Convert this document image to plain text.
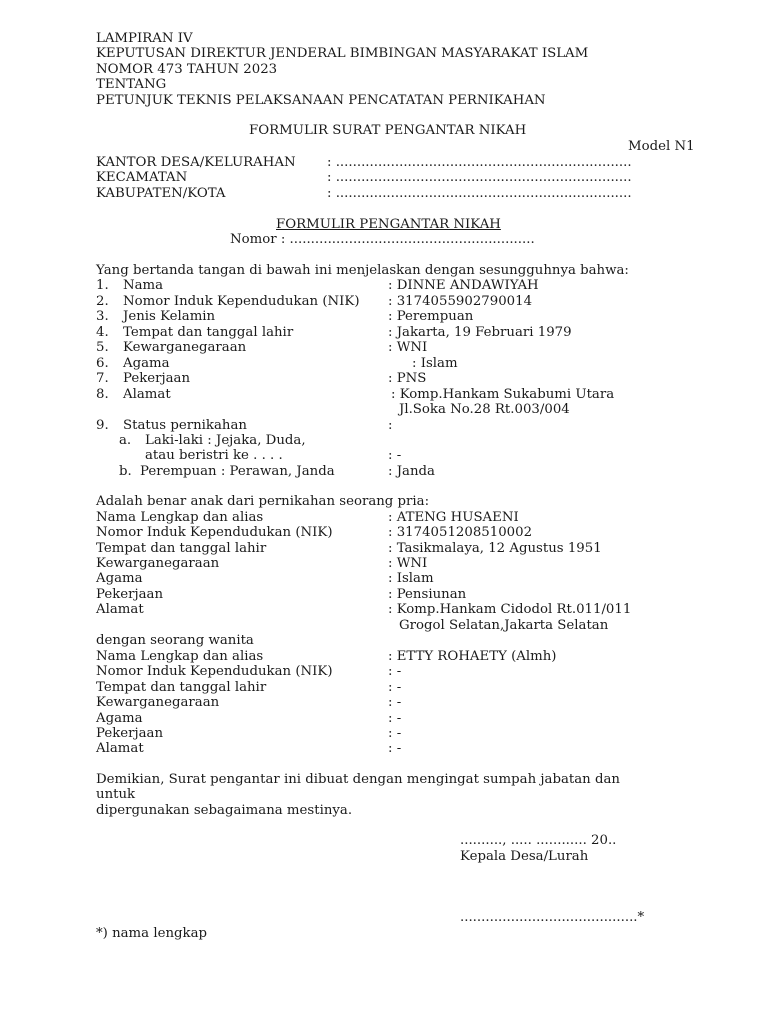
LAMPIRAN IV
KEPUTUSAN DIREKTUR JENDERAL BIMBINGAN MASYARAKAT ISLAM
NOMOR 473 TAHUN 2023
TENTANG
PETUNJUK TEKNIS PELAKSANAAN PENCATATAN PERNIKAHAN
FORMULIR SURAT PENGANTAR NIKAH
Model N1
KANTOR DESA/KELURAHAN : ......................................................................
KECAMATAN	: ......................................................................
KABUPATEN/KOTA	: ......................................................................
FORMULIR PENGANTAR NIKAH
Nomor : ..........................................................
Yang bertanda tangan di bawah ini menjelaskan dengan sesungguhnya bahwa:
1. Nama	: DINNE ANDAWIYAH
2. Nomor Induk Kependudukan (NIK) : 3174055902790014
3. Jenis Kelamin	: Perempuan
4. Tempat dan tanggal lahir	: Jakarta, 19 Februari 1979
5. Kewarganegaraan	: WNI
6. Agama	: Islam
7. Pekerjaan	: PNS
8. Alamat	: Komp.Hankam Sukabumi Utara
Jl.Soka No.28 Rt.003/004
9. Status pernikahan	:
a. Laki-laki : Jejaka, Duda,
atau beristri ke . . . .	: -
b. Perempuan : Perawan, Janda	: Janda
Adalah benar anak dari pernikahan seorang pria:
Nama Lengkap dan alias	: ATENG HUSAENI
Nomor Induk Kependudukan (NIK)	: 3174051208510002
Tempat dan tanggal lahir	: Tasikmalaya, 12 Agustus 1951
Kewarganegaraan	: WNI
Agama	: Islam
Pekerjaan	: Pensiunan
Alamat	: Komp.Hankam Cidodol Rt.011/011
Grogol Selatan,Jakarta Selatan
dengan seorang wanita
Nama Lengkap dan alias	: ETTY ROHAETY (Almh)
Nomor Induk Kependudukan (NIK)	: -
Tempat dan tanggal lahir	: -
Kewarganegaraan	: -
Agama	: -
Pekerjaan	: -
Alamat	: -
Demikian, Surat pengantar ini dibuat dengan mengingat sumpah jabatan dan
untuk
dipergunakan sebagaimana mestinya.
.........., ..... ............ 20..
Kepala Desa/Lurah
..........................................*
*) nama lengkap
